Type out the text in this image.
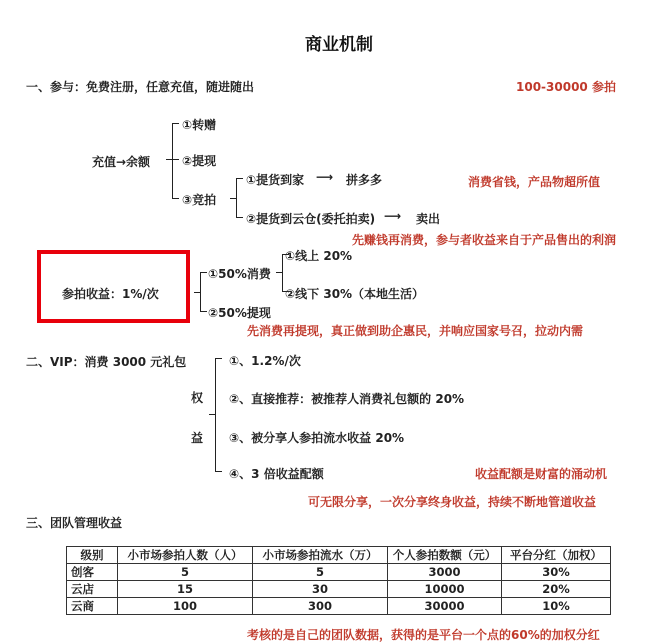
商业机制
一、参与：免费注册，任意充值，随进随出	100-30000 参拍
充值→余额
①转赠
②提现
③竞拍
①提货到家 ⟶ 拼多多	消费省钱，产品物超所值
②提货到云仓(委托拍卖) ⟶ 卖出
先赚钱再消费，参与者收益来自于产品售出的利润
参拍收益：1%/次
①50%消费
②50%提现
①线上 20%
②线下 30%（本地生活）
先消费再提现，真正做到助企惠民，并响应国家号召，拉动内需
二、VIP：消费 3000 元礼包
权
益
①、1.2%/次
②、直接推荐：被推荐人消费礼包额的 20%
③、被分享人参拍流水收益 20%
④、3 倍收益配额	收益配额是财富的涌动机
可无限分享，一次分享终身收益，持续不断地管道收益
三、团队管理收益
级别	小市场参拍人数（人）	小市场参拍流水（万）	个人参拍数额（元）	平台分红（加权）
创客	5	5	3000	30%
云店	15	30	10000	20%
云商	100	300	30000	10%
考核的是自己的团队数据，获得的是平台一个点的60%的加权分红
